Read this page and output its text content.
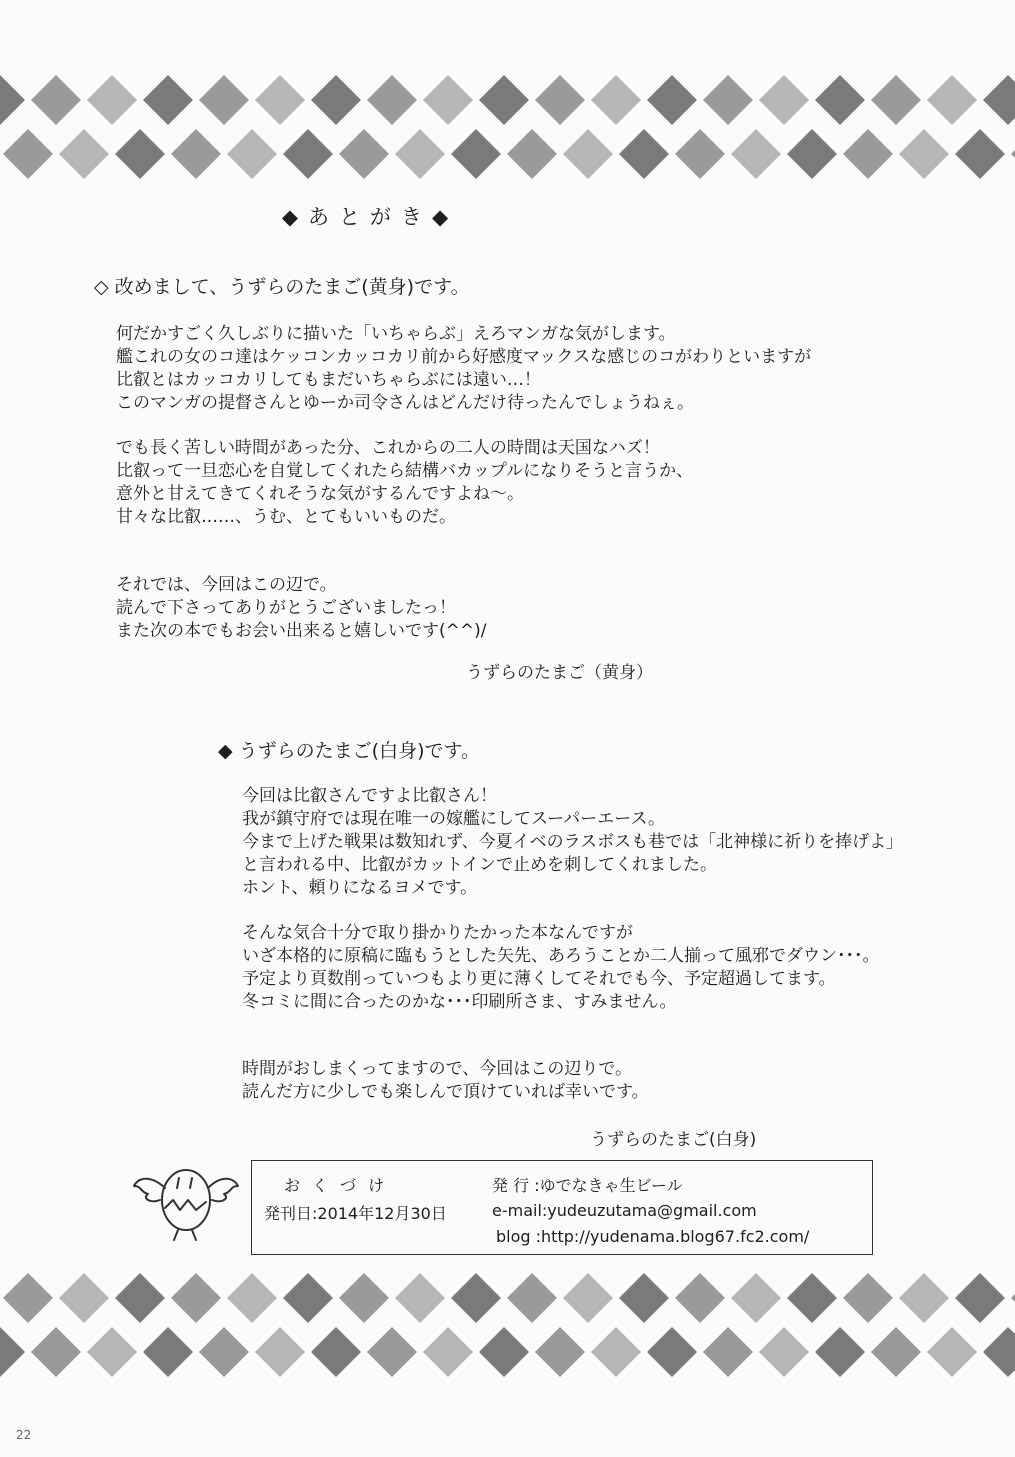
◆あとがき◆

◇ 改めまして、うずらのたまご(黄身)です。

何だかすごく久しぶりに描いた「いちゃらぶ」えろマンガな気がします。
艦これの女のコ達はケッコンカッコカリ前から好感度マックスな感じのコがわりといますが
比叡とはカッコカリしてもまだいちゃらぶには遠い…！
このマンガの提督さんとゆーか司令さんはどんだけ待ったんでしょうねぇ。
でも長く苦しい時間があった分、これからの二人の時間は天国なハズ！
比叡って一旦恋心を自覚してくれたら結構バカップルになりそうと言うか、
意外と甘えてきてくれそうな気がするんですよね～。
甘々な比叡……、うむ、とてもいいものだ。
それでは、今回はこの辺で。
読んで下さってありがとうございましたっ！
また次の本でもお会い出来ると嬉しいです(^^)/
うずらのたまご（黄身）

◆ うずらのたまご(白身)です。

今回は比叡さんですよ比叡さん！
我が鎮守府では現在唯一の嫁艦にしてスーパーエース。
今まで上げた戦果は数知れず、今夏イベのラスボスも巷では「北神様に祈りを捧げよ」
と言われる中、比叡がカットインで止めを刺してくれました。
ホント、頼りになるヨメです。
そんな気合十分で取り掛かりたかった本なんですが
いざ本格的に原稿に臨もうとした矢先、あろうことか二人揃って風邪でダウン･･･。
予定より頁数削っていつもより更に薄くしてそれでも今、予定超過してます。
冬コミに間に合ったのかな･･･印刷所さま、すみません。
時間がおしまくってますので、今回はこの辺りで。
読んだ方に少しでも楽しんで頂けていれば幸いです。
うずらのたまご(白身)
おくづけ
発刊日:2014年12月30日
発 行 :ゆでなきゃ生ビール
e-mail:yudeuzutama@gmail.com
blog :http://yudenama.blog67.fc2.com/
22
